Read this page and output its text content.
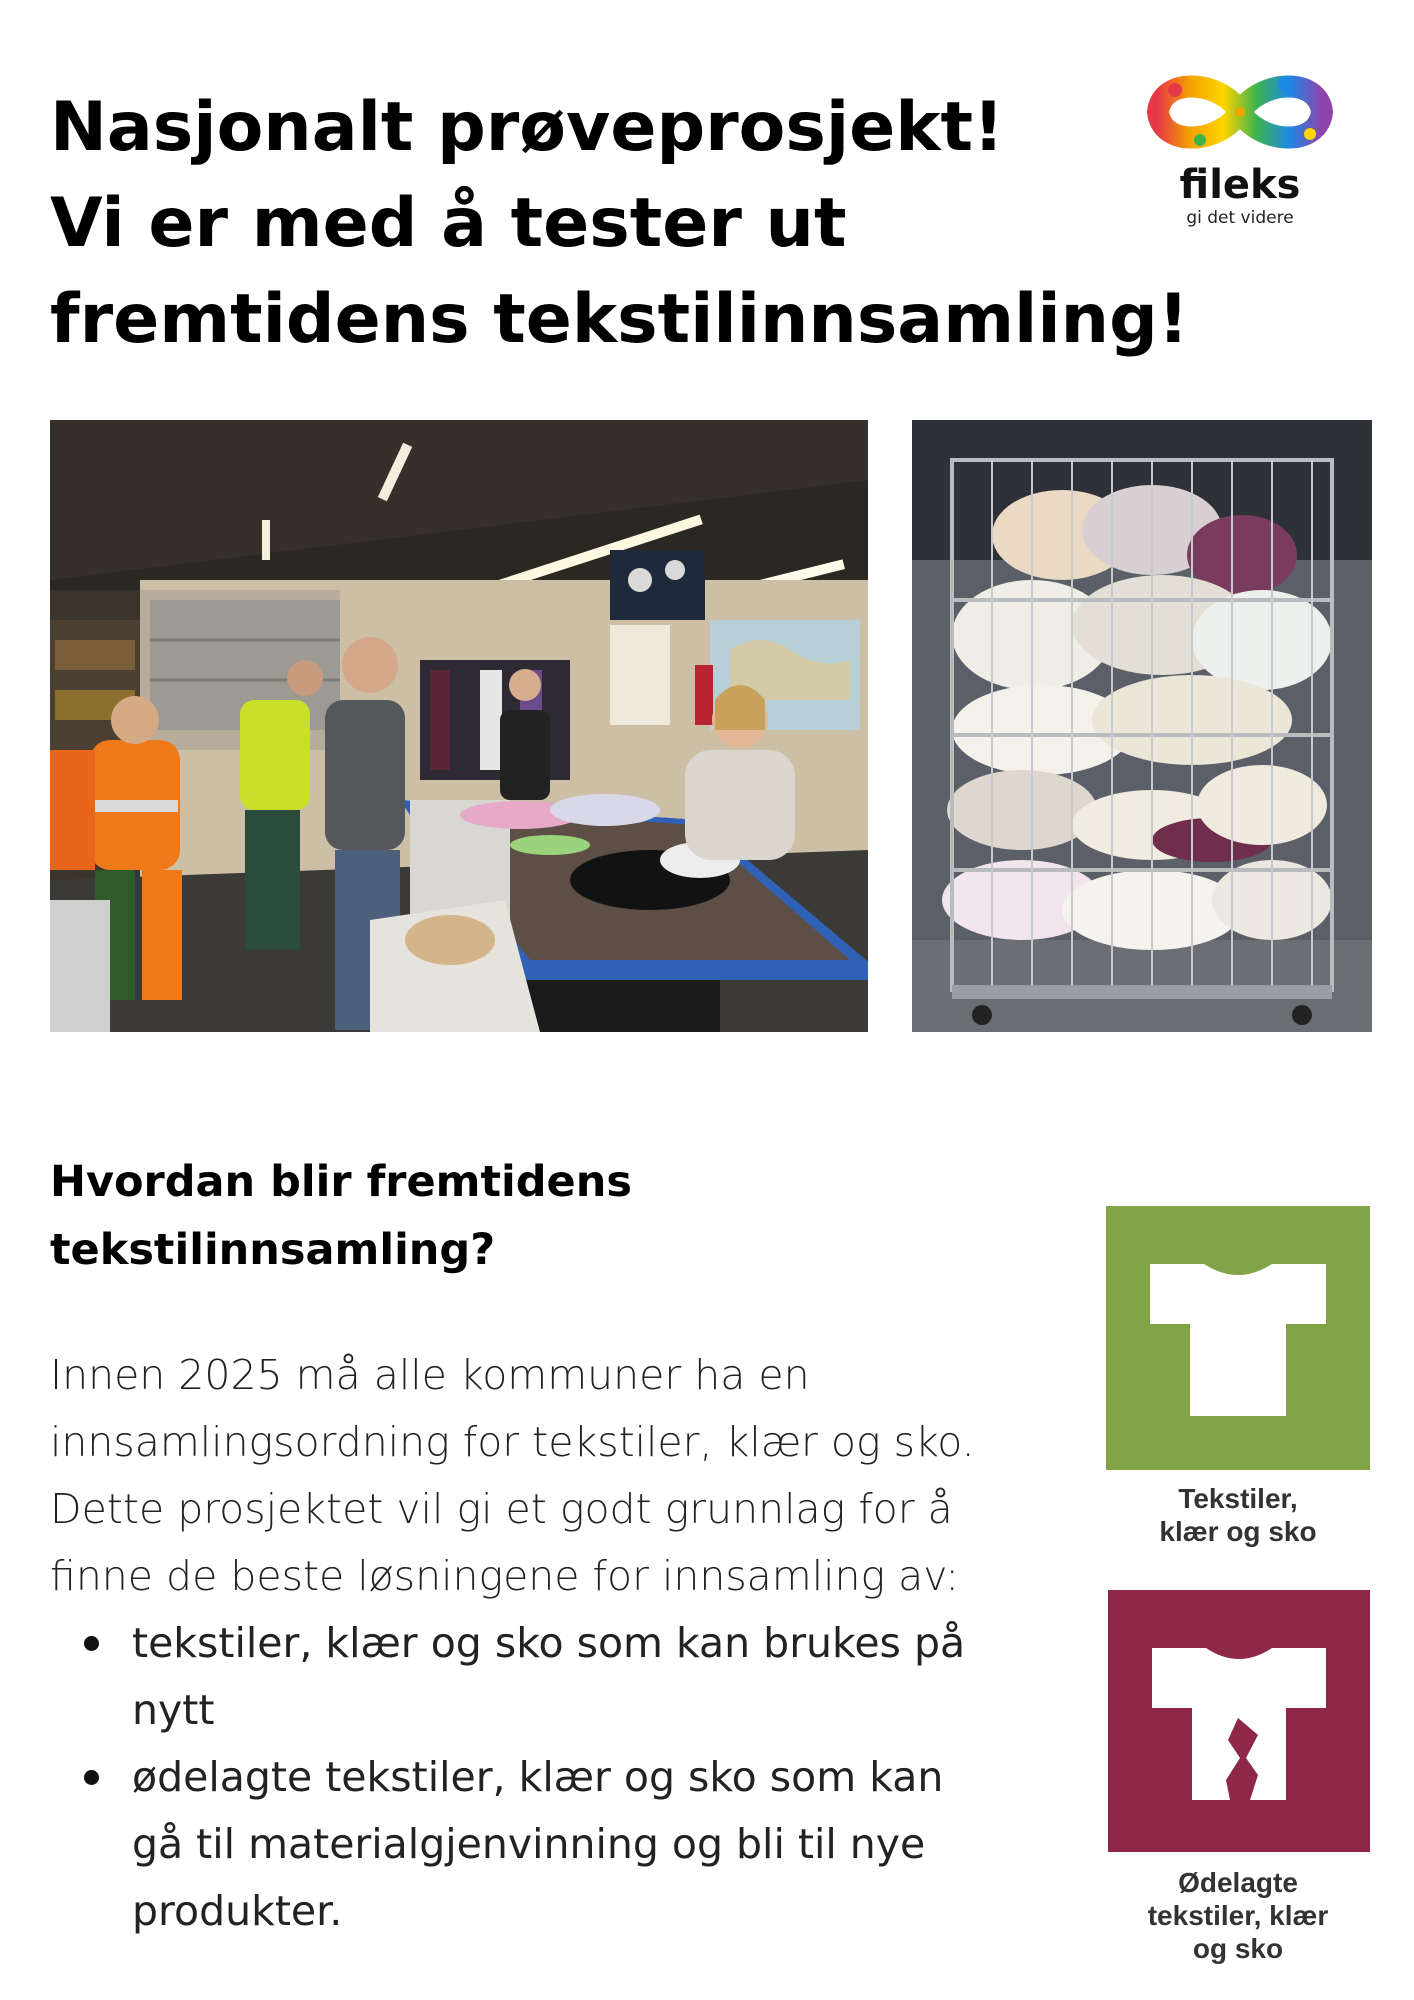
Nasjonalt prøveprosjekt!
Vi er med å tester ut
fremtidens tekstilinnsamling!
fileks
gi det videre
Hvordan blir fremtidens
tekstilinnsamling?
Innen 2025 må alle kommuner ha en
innsamlingsordning for tekstiler, klær og sko.
Dette prosjektet vil gi et godt grunnlag for å
finne de beste løsningene for innsamling av:
tekstiler, klær og sko som kan brukes på
nytt
ødelagte tekstiler, klær og sko som kan
gå til materialgjenvinning og bli til nye
produkter.
Tekstiler,
klær og sko
Ødelagte
tekstiler, klær
og sko
